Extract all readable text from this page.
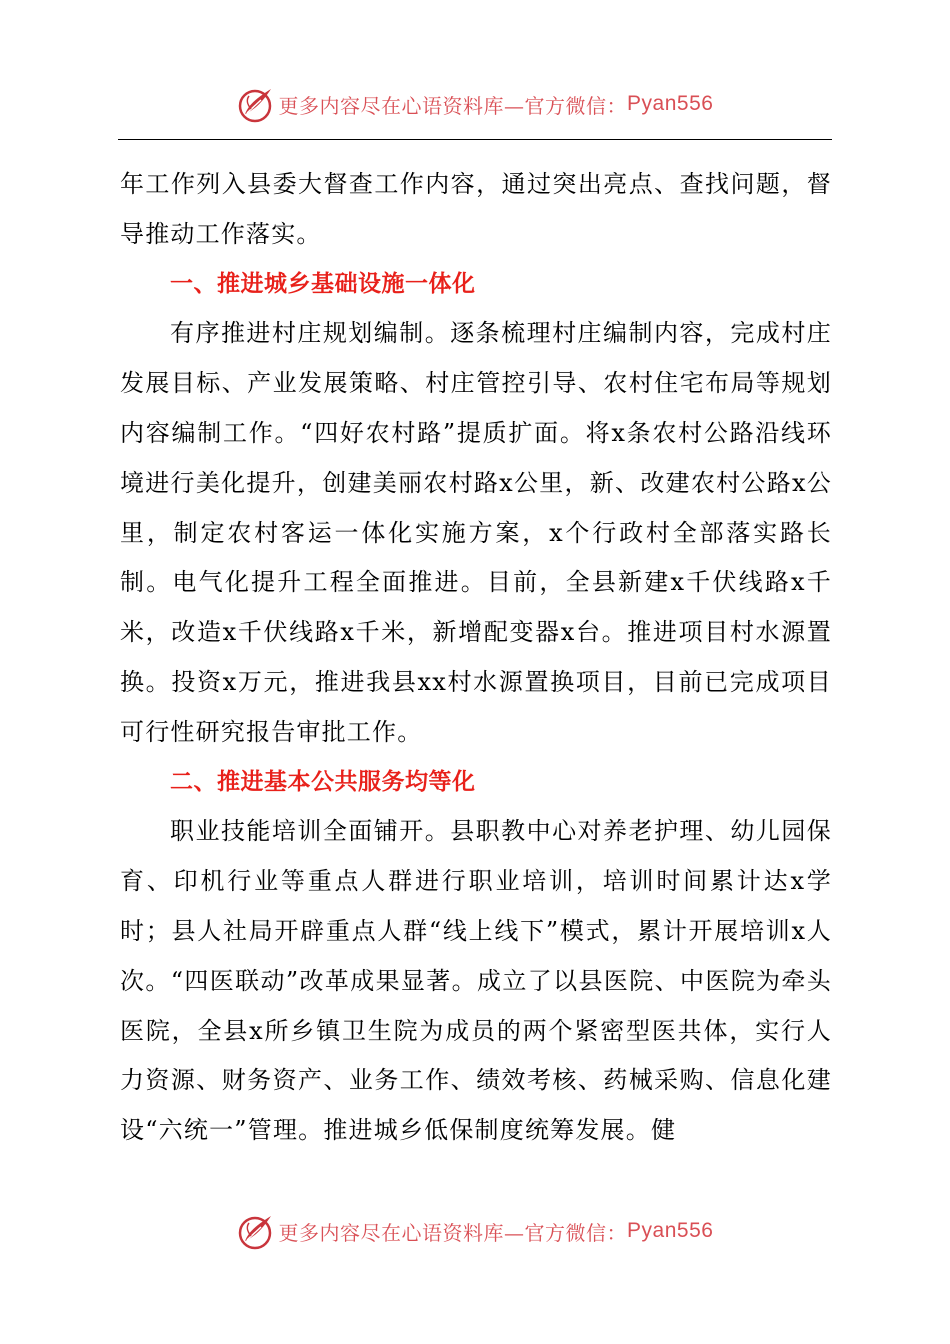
更多内容尽在心语资料库—官方微信： Pyan556

年工作列入县委大督查工作内容，通过突出亮点、查找问题，督导推动工作落实。

一、推进城乡基础设施一体化

有序推进村庄规划编制。逐条梳理村庄编制内容，完成村庄发展目标、产业发展策略、村庄管控引导、农村住宅布局等规划内容编制工作。“四好农村路”提质扩面。将x条农村公路沿线环境进行美化提升，创建美丽农村路x公里，新、改建农村公路x公里，制定农村客运一体化实施方案，x个行政村全部落实路长制。电气化提升工程全面推进。目前，全县新建x千伏线路x千米，改造x千伏线路x千米，新增配变器x台。推进项目村水源置换。投资x万元，推进我县xx村水源置换项目，目前已完成项目可行性研究报告审批工作。

二、推进基本公共服务均等化

职业技能培训全面铺开。县职教中心对养老护理、幼儿园保育、印机行业等重点人群进行职业培训，培训时间累计达x学时；县人社局开辟重点人群“线上线下”模式，累计开展培训x人次。“四医联动”改革成果显著。成立了以县医院、中医院为牵头医院，全县x所乡镇卫生院为成员的两个紧密型医共体，实行人力资源、财务资产、业务工作、绩效考核、药械采购、信息化建设“六统一”管理。推进城乡低保制度统筹发展。健

更多内容尽在心语资料库—官方微信： Pyan556
